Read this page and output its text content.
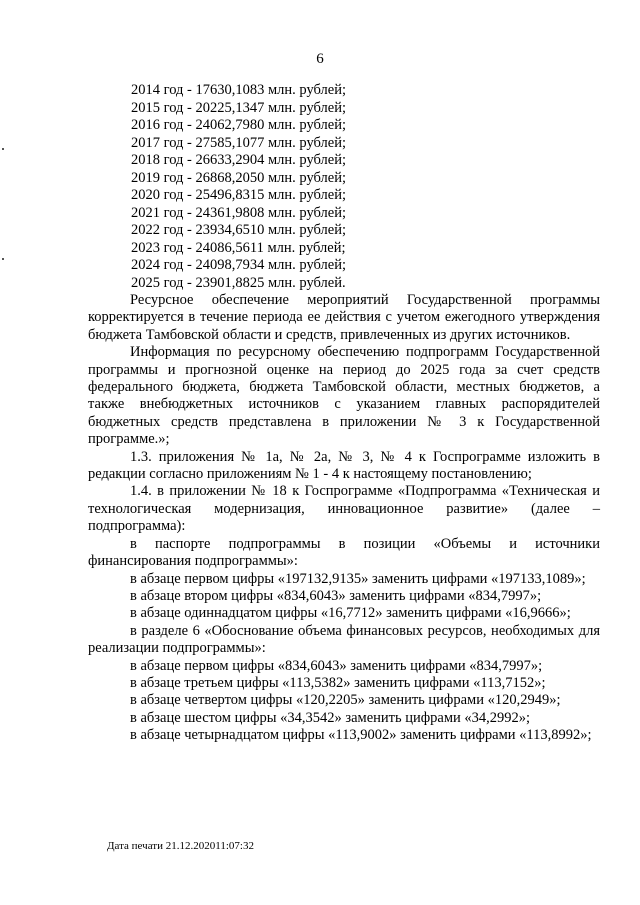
6
2014 год - 17630,1083 млн. рублей;
2015 год - 20225,1347 млн. рублей;
2016 год - 24062,7980 млн. рублей;
2017 год - 27585,1077 млн. рублей;
2018 год - 26633,2904 млн. рублей;
2019 год - 26868,2050 млн. рублей;
2020 год - 25496,8315 млн. рублей;
2021 год - 24361,9808 млн. рублей;
2022 год - 23934,6510 млн. рублей;
2023 год - 24086,5611 млн. рублей;
2024 год - 24098,7934 млн. рублей;
2025 год - 23901,8825 млн. рублей.

Ресурсное обеспечение мероприятий Государственной программы корректируется в течение периода ее действия с учетом ежегодного утверждения бюджета Тамбовской области и средств, привлеченных из других источников.

Информация по ресурсному обеспечению подпрограмм Государственной программы и прогнозной оценке на период до 2025 года за счет средств федерального бюджета, бюджета Тамбовской области, местных бюджетов, а также внебюджетных источников с указанием главных распорядителей бюджетных средств представлена в приложении № 3 к Государственной программе.»;

1.3. приложения № 1а, № 2а, № 3, № 4 к Госпрограмме изложить в редакции согласно приложениям № 1 - 4 к настоящему постановлению;

1.4. в приложении № 18 к Госпрограмме «Подпрограмма «Техническая и технологическая модернизация, инновационное развитие» (далее – подпрограмма):

в паспорте подпрограммы в позиции «Объемы и источники финансирования подпрограммы»:

в абзаце первом цифры «197132,9135» заменить цифрами «197133,1089»;

в абзаце втором цифры «834,6043» заменить цифрами «834,7997»;

в абзаце одиннадцатом цифры «16,7712» заменить цифрами «16,9666»;

в разделе 6 «Обоснование объема финансовых ресурсов, необходимых для реализации подпрограммы»:

в абзаце первом цифры «834,6043» заменить цифрами «834,7997»;

в абзаце третьем цифры «113,5382» заменить цифрами «113,7152»;

в абзаце четвертом цифры «120,2205» заменить цифрами «120,2949»;

в абзаце шестом цифры «34,3542» заменить цифрами «34,2992»;

в абзаце четырнадцатом цифры «113,9002» заменить цифрами «113,8992»;

Дата печати 21.12.202011:07:32
